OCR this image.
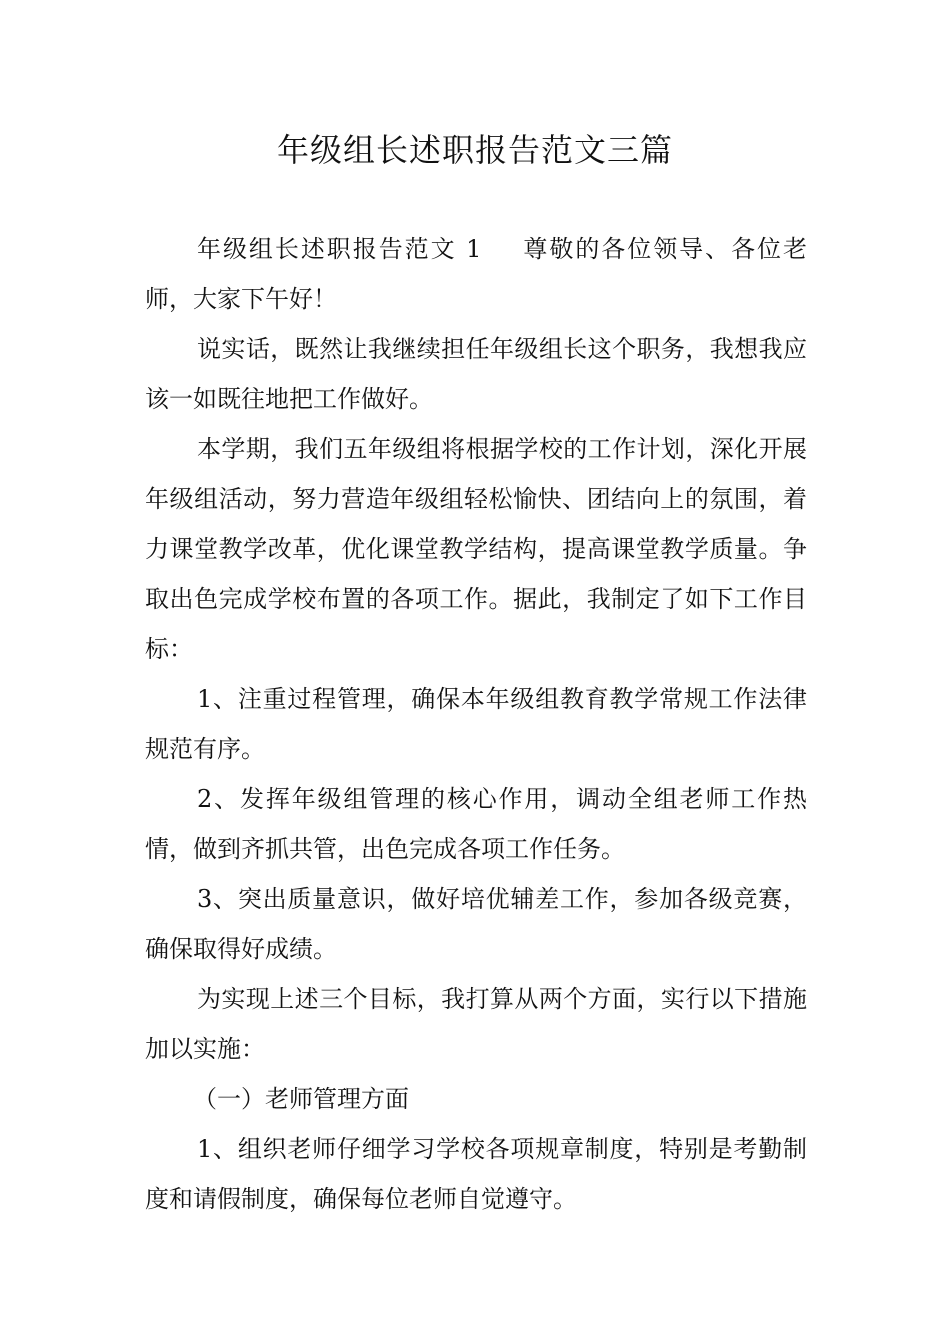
年级组长述职报告范文三篇

年级组长述职报告范文 1 尊敬的各位领导、各位老师，大家下午好！

说实话，既然让我继续担任年级组长这个职务，我想我应该一如既往地把工作做好。

本学期，我们五年级组将根据学校的工作计划，深化开展年级组活动，努力营造年级组轻松愉快、团结向上的氛围，着力课堂教学改革，优化课堂教学结构，提高课堂教学质量。争取出色完成学校布置的各项工作。据此，我制定了如下工作目标：

1、注重过程管理，确保本年级组教育教学常规工作法律规范有序。

2、发挥年级组管理的核心作用，调动全组老师工作热情，做到齐抓共管，出色完成各项工作任务。

3、突出质量意识，做好培优辅差工作，参加各级竞赛，确保取得好成绩。

为实现上述三个目标，我打算从两个方面，实行以下措施加以实施：

（一）老师管理方面

1、组织老师仔细学习学校各项规章制度，特别是考勤制度和请假制度，确保每位老师自觉遵守。
